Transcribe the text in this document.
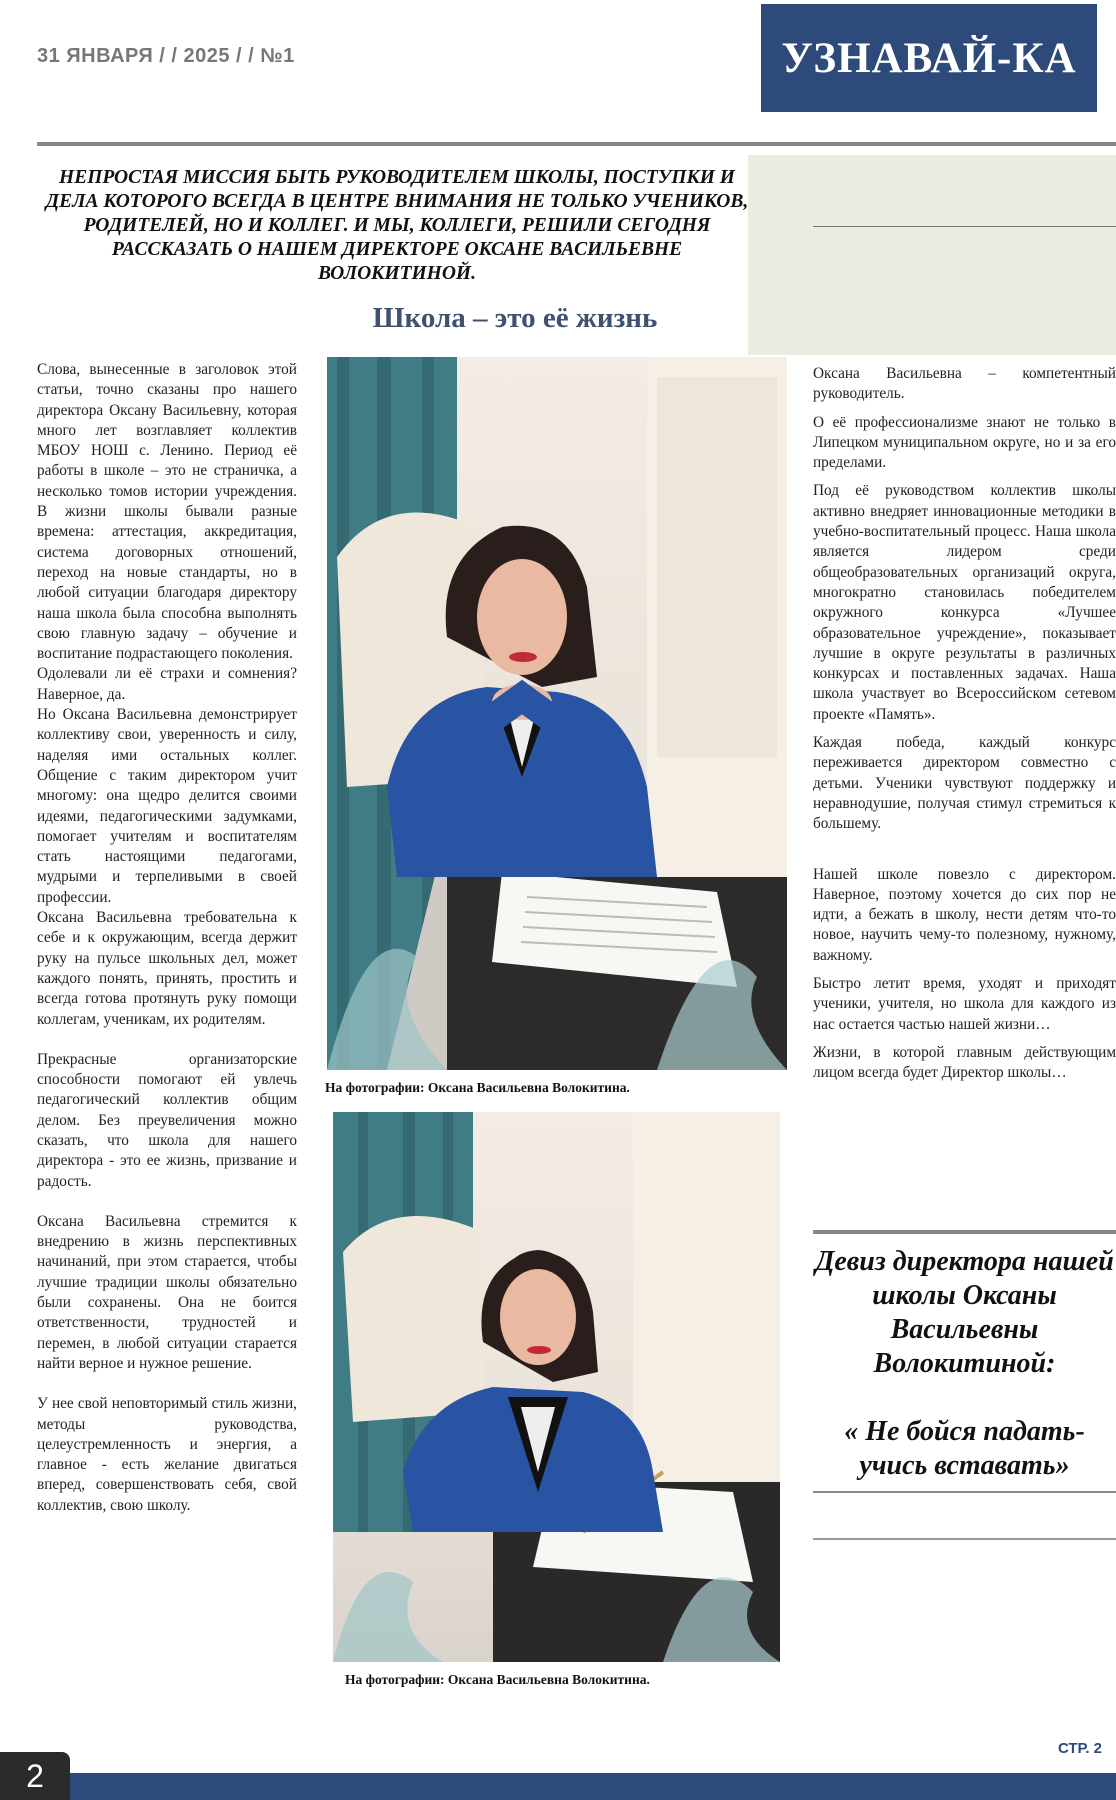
31 ЯНВАРЯ / / 2025 / / №1	УЗНАВАЙ-КА
НЕПРОСТАЯ МИССИЯ БЫТЬ РУКОВОДИТЕЛЕМ ШКОЛЫ, ПОСТУПКИ И ДЕЛА КОТОРОГО ВСЕГДА В ЦЕНТРЕ ВНИМАНИЯ НЕ ТОЛЬКО УЧЕНИКОВ, РОДИТЕЛЕЙ, НО И КОЛЛЕГ. И МЫ, КОЛЛЕГИ, РЕШИЛИ СЕГОДНЯ РАССКАЗАТЬ О НАШЕМ ДИРЕКТОРЕ ОКСАНЕ ВАСИЛЬЕВНЕ ВОЛОКИТИНОЙ.
Школа – это её жизнь

Слова, вынесенные в заголовок этой статьи, точно сказаны про нашего директора Оксану Васильевну, которая много лет возглавляет коллектив МБОУ НОШ с. Ленино. Период её работы в школе – это не страничка, а несколько томов истории учреждения. В жизни школы бывали разные времена: аттестация, аккредитация, система договорных отношений, переход на новые стандарты, но в любой ситуации благодаря директору наша школа была способна выполнять свою главную задачу – обучение и воспитание подрастающего поколения.

Одолевали ли её страхи и сомнения? Наверное, да.

Но Оксана Васильевна демонстрирует коллективу свои, уверенность и силу, наделяя ими остальных коллег. Общение с таким директором учит многому: она щедро делится своими идеями, педагогическими задумками, помогает учителям и воспитателям стать настоящими педагогами, мудрыми и терпеливыми в своей профессии.

Оксана Васильевна требовательна к себе и к окружающим, всегда держит руку на пульсе школьных дел, может каждого понять, принять, простить и всегда готова протянуть руку помощи коллегам, ученикам, их родителям.

Прекрасные организаторские способности помогают ей увлечь педагогический коллектив общим делом. Без преувеличения можно сказать, что школа для нашего директора - это ее жизнь, призвание и радость.

Оксана Васильевна стремится к внедрению в жизнь перспективных начинаний, при этом старается, чтобы лучшие традиции школы обязательно были сохранены. Она не боится ответственности, трудностей и перемен, в любой ситуации старается найти верное и нужное решение.

У нее свой неповторимый стиль жизни, методы руководства, целеустремленность и энергия, а главное - есть желание двигаться вперед, совершенствовать себя, свой коллектив, свою школу.

На фотографии: Оксана Васильевна Волокитина.
На фотографии: Оксана Васильевна Волокитина.

Оксана Васильевна – компетентный руководитель.

О её профессионализме знают не только в Липецком муниципальном округе, но и за его пределами.

Под её руководством коллектив школы активно внедряет инновационные методики в учебно-воспитательный процесс. Наша школа является лидером среди общеобразовательных организаций округа, многократно становилась победителем окружного конкурса «Лучшее образовательное учреждение», показывает лучшие в округе результаты в различных конкурсах и поставленных задачах. Наша школа участвует во Всероссийском сетевом проекте «Память».

Каждая победа, каждый конкурс переживается директором совместно с детьми. Ученики чувствуют поддержку и неравнодушие, получая стимул стремиться к большему.

Нашей школе повезло с директором. Наверное, поэтому хочется до сих пор не идти, а бежать в школу, нести детям что-то новое, научить чему-то полезному, нужному, важному.

Быстро летит время, уходят и приходят ученики, учителя, но школа для каждого из нас остается частью нашей жизни…

Жизни, в которой главным действующим лицом всегда будет Директор школы…

Девиз директора нашей школы Оксаны Васильевны Волокитиной:
« Не бойся падать- учись вставать»
СТР. 2
2
